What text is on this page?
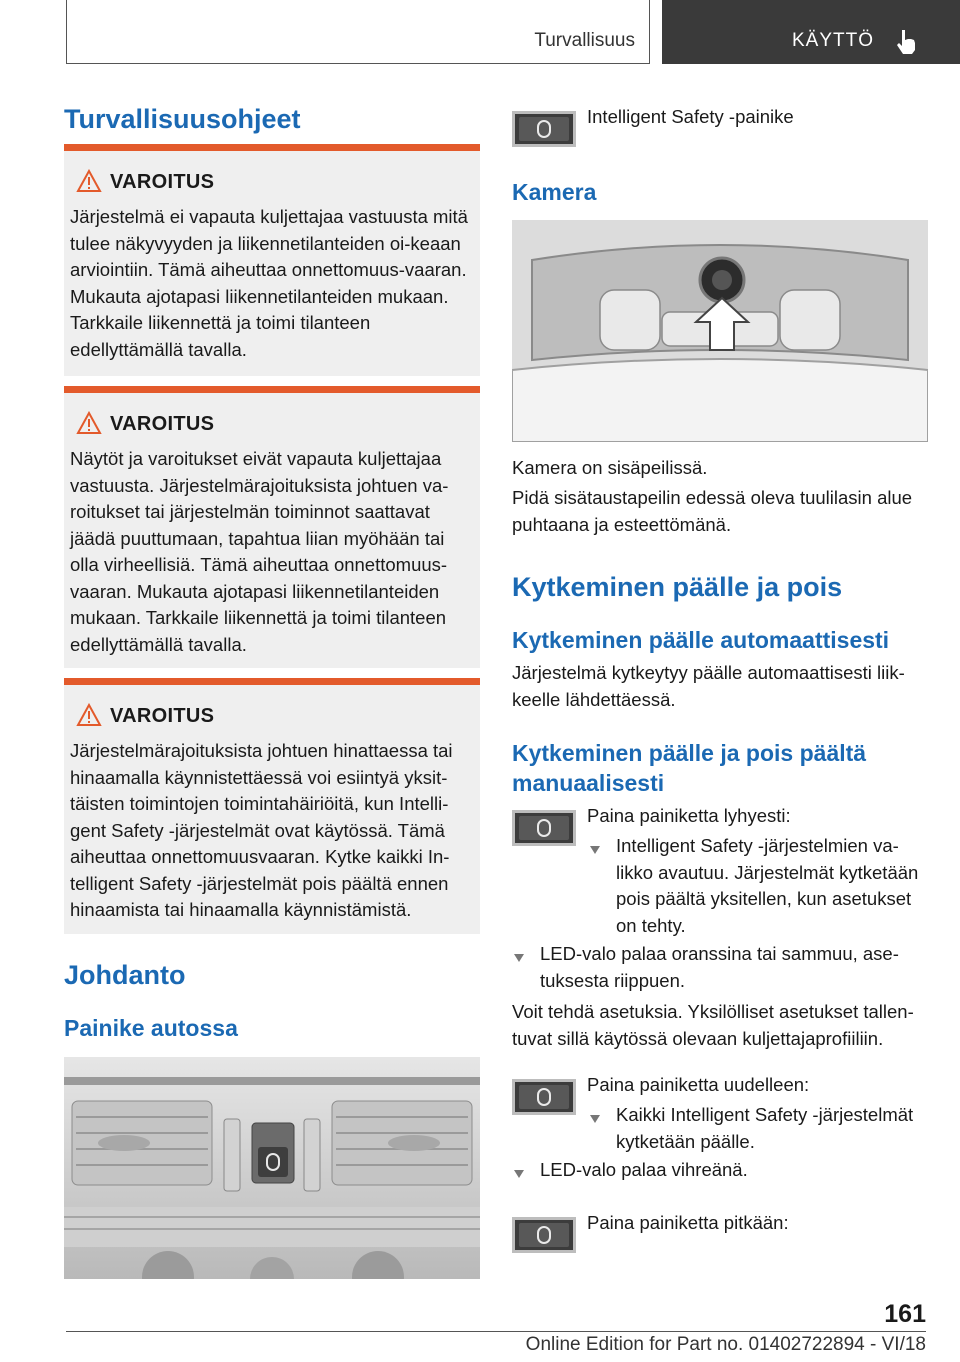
Turvallisuus	KÄYTTÖ
Turvallisuusohjeet
VAROITUS
Järjestelmä ei vapauta kuljettajaa vastuusta mitä tulee näkyvyyden ja liikennetilanteiden oi-keaan arviointiin. Tämä aiheuttaa onnettomuus-vaaran. Mukauta ajotapasi liikennetilanteiden mukaan. Tarkkaile liikennettä ja toimi tilanteen edellyttämällä tavalla.
VAROITUS
Näytöt ja varoitukset eivät vapauta kuljettajaa vastuusta. Järjestelmärajoituksista johtuen va-roitukset tai järjestelmän toiminnot saattavat jäädä puuttumaan, tapahtua liian myöhään tai olla virheellisiä. Tämä aiheuttaa onnettomuus-vaaran. Mukauta ajotapasi liikennetilanteiden mukaan. Tarkkaile liikennettä ja toimi tilanteen edellyttämällä tavalla.
VAROITUS
Järjestelmärajoituksista johtuen hinattaessa tai hinaamalla käynnistettäessä voi esiintyä yksit-täisten toimintojen toimintahäiriöitä, kun Intelli-gent Safety -järjestelmät ovat käytössä. Tämä aiheuttaa onnettomuusvaaran. Kytke kaikki In-telligent Safety -järjestelmät pois päältä ennen hinaamista tai hinaamalla käynnistämistä.
Johdanto
Painike autossa
Intelligent Safety -painike
Kamera
Kamera on sisäpeilissä.
Pidä sisätaustapeilin edessä oleva tuulilasin alue puhtaana ja esteettömänä.
Kytkeminen päälle ja pois
Kytkeminen päälle automaattisesti
Järjestelmä kytkeytyy päälle automaattisesti liik-keelle lähdettäessä.
Kytkeminen päälle ja pois päältä manuaalisesti
Paina painiketta lyhyesti:
Intelligent Safety -järjestelmien va-likko avautuu. Järjestelmät kytketään pois päältä yksitellen, kun asetukset on tehty.
LED-valo palaa oranssina tai sammuu, ase-tuksesta riippuen.
Voit tehdä asetuksia. Yksilölliset asetukset tallen-tuvat sillä käytössä olevaan kuljettajaprofiiliin.
Paina painiketta uudelleen:
Kaikki Intelligent Safety -järjestelmät kytketään päälle.
LED-valo palaa vihreänä.
Paina painiketta pitkään:
161
Online Edition for Part no. 01402722894 - VI/18
